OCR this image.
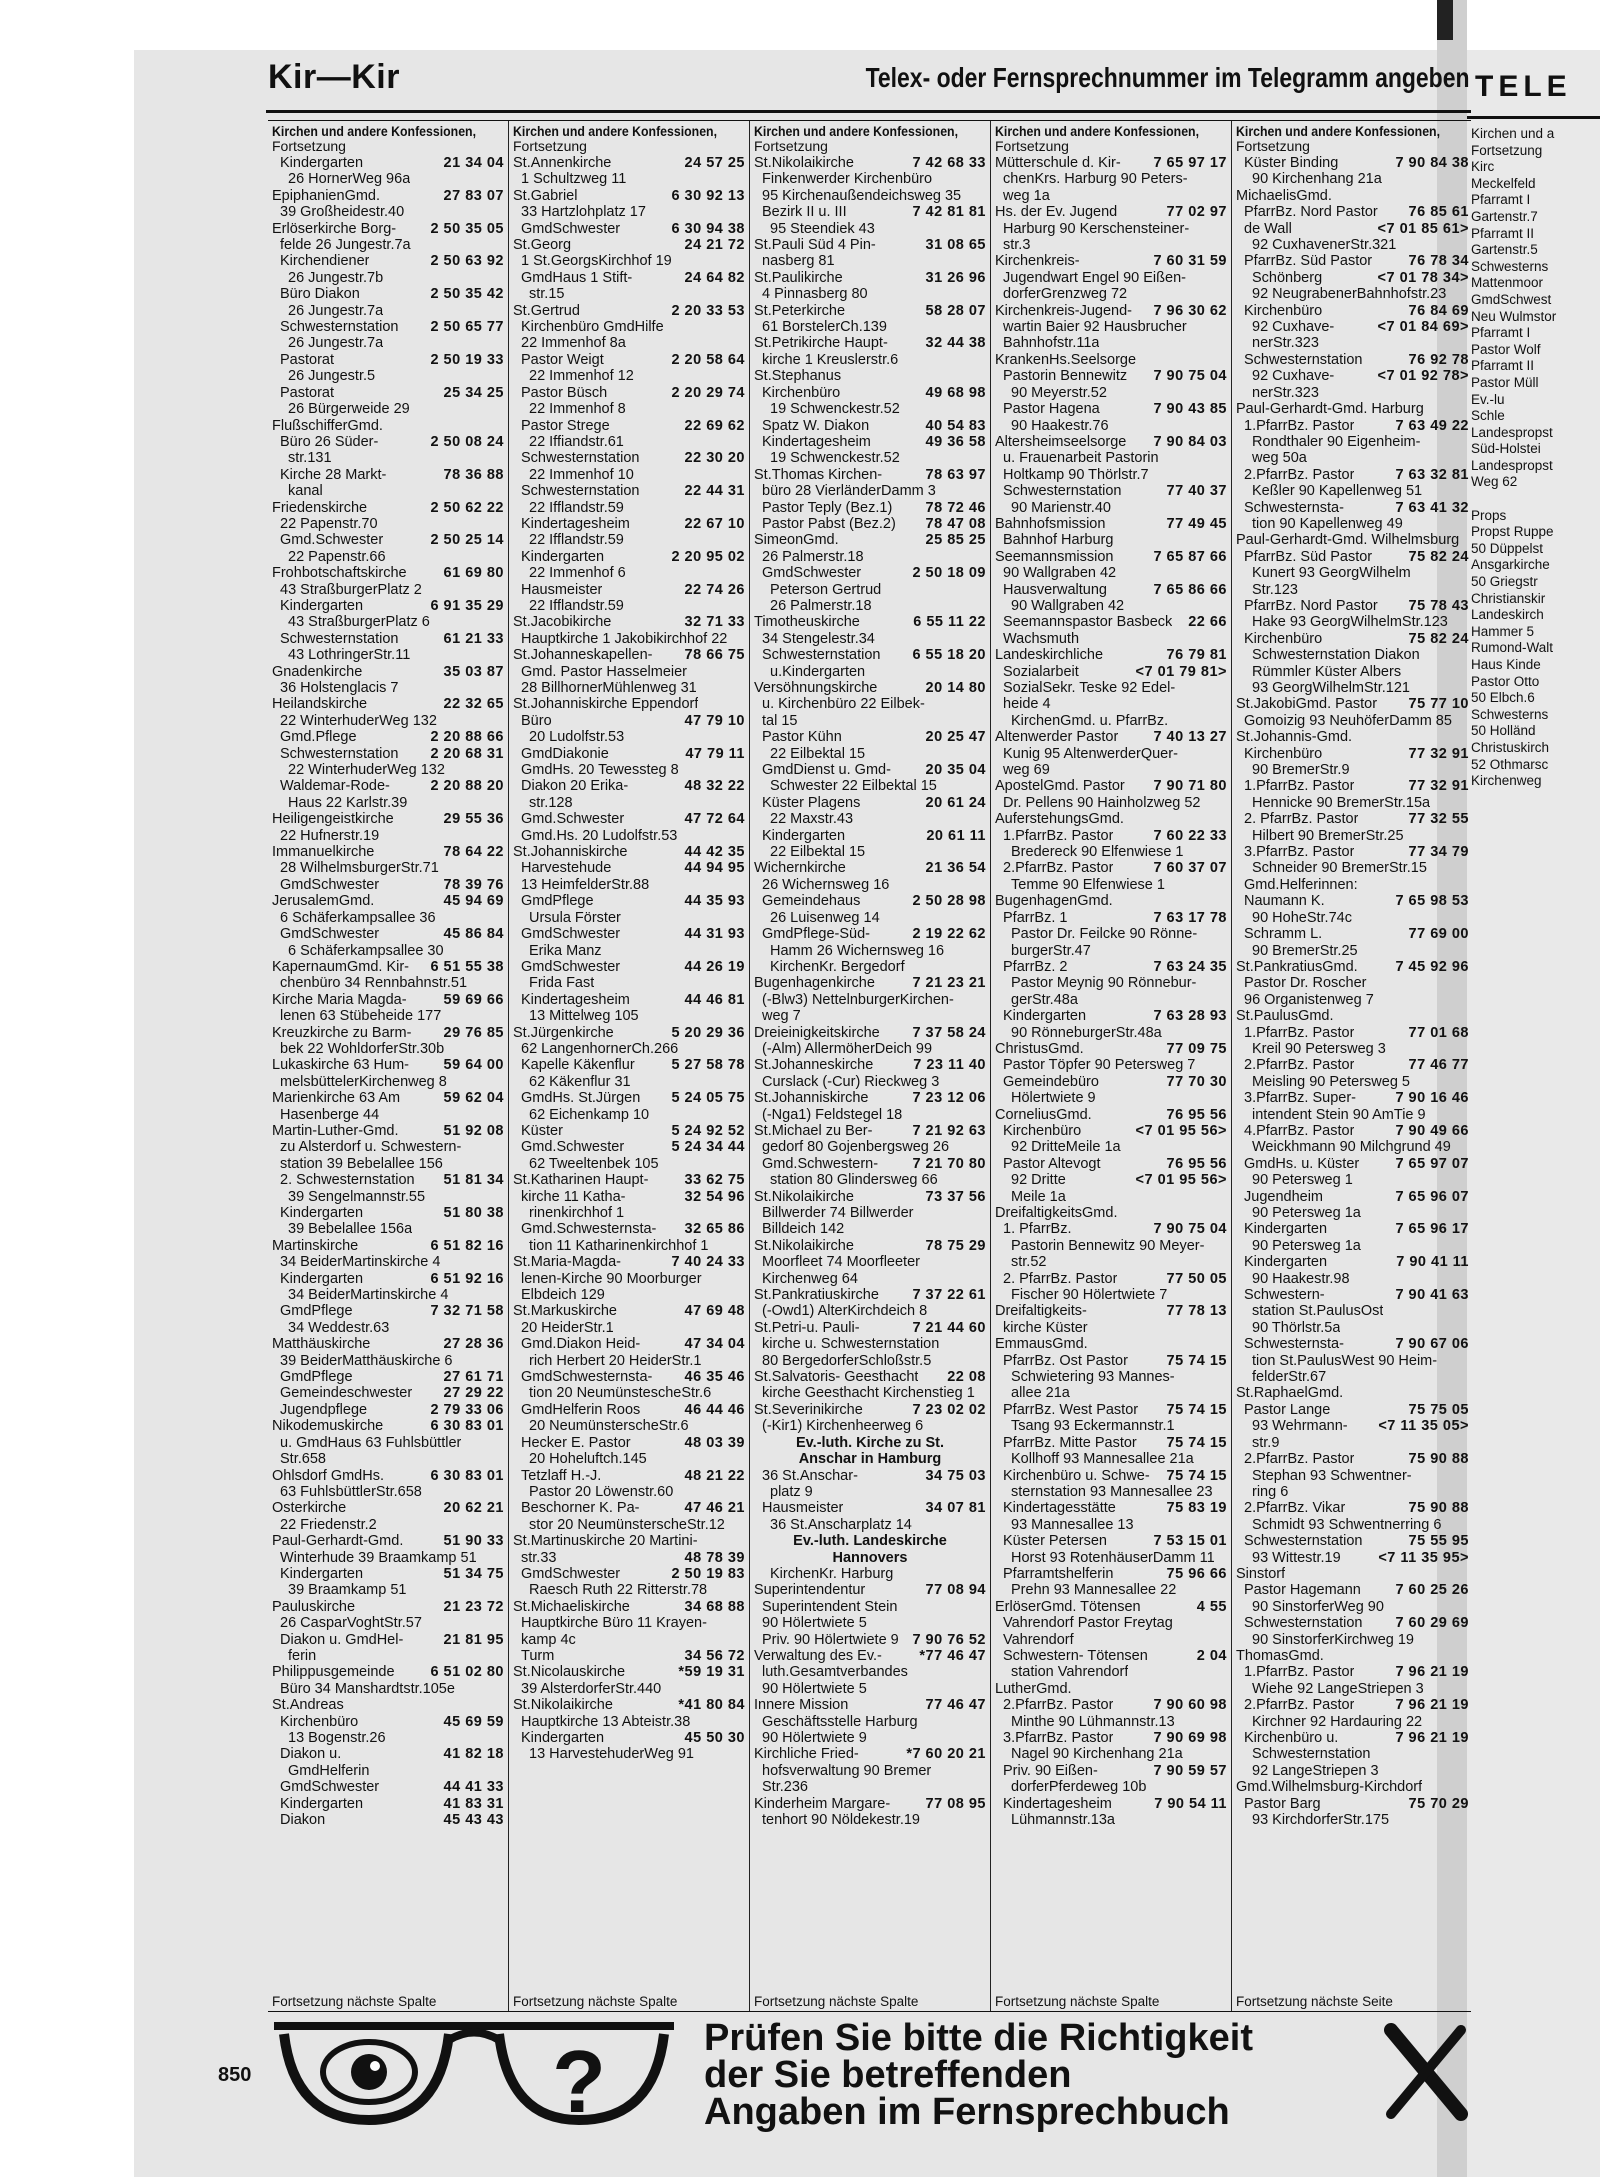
TELE
Kirchen und a
Fortsetzung
Kirc
Meckelfeld
Pfarramt I
Gartenstr.7
Pfarramt II
Gartenstr.5
Schwesterns
Mattenmoor
GmdSchwest
Neu Wulmstor
Pfarramt I
Pastor Wolf
Pfarramt II
Pastor Müll
Ev.-lu
Schle
Landespropst
Süd-Holstei
Landespropst
Weg 62

Props
Propst Ruppe
50 Düppelst
Ansgarkirche
50 Griegstr
Christianskir
Landeskirch
Hammer 5
Rumond-Walt
Haus Kinde
Pastor Otto
50 Elbch.6
Schwesterns
50 Holländ
Christuskirch
52 Othmarsc
Kirchenweg
Kir—Kir	Telex- oder Fernsprechnummer im Telegramm angeben
Kirchen und andere Konfessionen,
Fortsetzung
Kindergarten	21 34 04
26 HornerWeg 96a
EpiphanienGmd.	27 83 07
39 Großheidestr.40
Erlöserkirche Borg- 2 50 35 05
felde 26 Jungestr.7a
Kirchendiener	2 50 63 92
26 Jungestr.7b
Büro Diakon	2 50 35 42
26 Jungestr.7a
Schwesternstation 2 50 65 77
26 Jungestr.7a
Pastorat	2 50 19 33
26 Jungestr.5
Pastorat	25 34 25
26 Bürgerweide 29
FlußschifferGmd.
Büro 26 Süder-	2 50 08 24
str.131
Kirche 28 Markt-	78 36 88
kanal
Friedenskirche	2 50 62 22
22 Papenstr.70
Gmd.Schwester	2 50 25 14
22 Papenstr.66
Frohbotschaftskirche	61 69 80
43 StraßburgerPlatz 2
Kindergarten	6 91 35 29
43 StraßburgerPlatz 6
Schwesternstation	61 21 33
43 LothringerStr.11
Gnadenkirche	35 03 87
36 Holstenglacis 7
Heilandskirche	22 32 65
22 WinterhuderWeg 132
Gmd.Pflege	2 20 88 66
Schwesternstation 2 20 68 31
22 WinterhuderWeg 132
Waldemar-Rode-	2 20 88 20
Haus 22 Karlstr.39
Heiligengeistkirche	29 55 36
22 Hufnerstr.19
Immanuelkirche	78 64 22
28 WilhelmsburgerStr.71
GmdSchwester	78 39 76
JerusalemGmd.	45 94 69
6 Schäferkampsallee 36
GmdSchwester	45 86 84
6 Schäferkampsallee 30
KapernaumGmd. Kir- 6 51 55 38
chenbüro 34 Rennbahnstr.51
Kirche Maria Magda-	59 69 66
lenen 63 Stübeheide 177
Kreuzkirche zu Barm- 29 76 85
bek 22 WohldorferStr.30b
Lukaskirche 63 Hum- 59 64 00
melsbüttelerKirchenweg 8
Marienkirche 63 Am	59 62 04
Hasenberge 44
Martin-Luther-Gmd.	51 92 08
zu Alsterdorf u. Schwestern-
station 39 Bebelallee 156
2. Schwesternstation 51 81 34
39 Sengelmannstr.55
Kindergarten	51 80 38
39 Bebelallee 156a
Martinskirche	6 51 82 16
34 BeiderMartinskirche 4
Kindergarten	6 51 92 16
34 BeiderMartinskirche 4
GmdPflege	7 32 71 58
34 Weddestr.63
Matthäuskirche	27 28 36
39 BeiderMatthäuskirche 6
GmdPflege	27 61 71
Gemeindeschwester 27 29 22
Jugendpflege	2 79 33 06
Nikodemuskirche	6 30 83 01
u. GmdHaus 63 Fuhlsbüttler
Str.658
Ohlsdorf GmdHs.	6 30 83 01
63 FuhlsbüttlerStr.658
Osterkirche	20 62 21
22 Friedenstr.2
Paul-Gerhardt-Gmd.	51 90 33
Winterhude 39 Braamkamp 51
Kindergarten	51 34 75
39 Braamkamp 51
Pauluskirche	21 23 72
26 CasparVoghtStr.57
Diakon u. GmdHel-	21 81 95
ferin
Philippusgemeinde 6 51 02 80
Büro 34 Manshardtstr.105e
St.Andreas
Kirchenbüro	45 69 59
13 Bogenstr.26
Diakon u.	41 82 18
GmdHelferin
GmdSchwester	44 41 33
Kindergarten	41 83 31
Diakon	45 43 43
Fortsetzung nächste Spalte
Kirchen und andere Konfessionen,
Fortsetzung
St.Annenkirche	24 57 25
1 Schultzweg 11
St.Gabriel	6 30 92 13
33 Hartzlohplatz 17
GmdSchwester	6 30 94 38
St.Georg	24 21 72
1 St.GeorgsKirchhof 19
GmdHaus 1 Stift-	24 64 82
str.15
St.Gertrud	2 20 33 53
Kirchenbüro GmdHilfe
22 Immenhof 8a
Pastor Weigt	2 20 58 64
22 Immenhof 12
Pastor Büsch	2 20 29 74
22 Immenhof 8
Pastor Strege	22 69 62
22 Iffiandstr.61
Schwesternstation	22 30 20
22 Immenhof 10
Schwesternstation	22 44 31
22 Ifflandstr.59
Kindertagesheim	22 67 10
22 Ifflandstr.59
Kindergarten	2 20 95 02
22 Immenhof 6
Hausmeister	22 74 26
22 Ifflandstr.59
St.Jacobikirche	32 71 33
Hauptkirche 1 Jakobikirchhof 22
St.Johanneskapellen- 78 66 75
Gmd. Pastor Hasselmeier
28 BillhornerMühlenweg 31
St.Johanniskirche Eppendorf
Büro	47 79 10
20 Ludolfstr.53
GmdDiakonie	47 79 11
GmdHs. 20 Tewessteg 8
Diakon 20 Erika-	48 32 22
str.128
Gmd.Schwester	47 72 64
Gmd.Hs. 20 Ludolfstr.53
St.Johanniskirche	44 42 35
Harvestehude	44 94 95
13 HeimfelderStr.88
GmdPflege	44 35 93
Ursula Förster
GmdSchwester	44 31 93
Erika Manz
GmdSchwester	44 26 19
Frida Fast
Kindertagesheim	44 46 81
13 Mittelweg 105
St.Jürgenkirche	5 20 29 36
62 LangenhornerCh.266
Kapelle Käkenflur	5 27 58 78
62 Käkenflur 31
GmdHs. St.Jürgen 5 24 05 75
62 Eichenkamp 10
Küster	5 24 92 52
Gmd.Schwester	5 24 34 44
62 Tweeltenbek 105
St.Katharinen Haupt- 33 62 75
kirche 11 Katha-	32 54 96
rinenkirchhof 1
Gmd.Schwesternsta- 32 65 86
tion 11 Katharinenkirchhof 1
St.Maria-Magda-	7 40 24 33
lenen-Kirche 90 Moorburger
Elbdeich 129
St.Markuskirche	47 69 48
20 HeiderStr.1
Gmd.Diakon Heid-	47 34 04
rich Herbert 20 HeiderStr.1
GmdSchwesternsta- 46 35 46
tion 20 NeumünstescheStr.6
GmdHelferin Roos	46 44 46
20 NeumünsterscheStr.6
Hecker E. Pastor	48 03 39
20 Hoheluftch.145
Tetzlaff H.-J.	48 21 22
Pastor 20 Löwenstr.60
Beschorner K. Pa-	47 46 21
stor 20 NeumünstersсheStr.12
St.Martinuskirche 20 Martini-
str.33	48 78 39
GmdSchwester	2 50 19 83
Raesch Ruth 22 Ritterstr.78
St.Michaeliskirche	34 68 88
Hauptkirche Büro 11 Krayen-
kamp 4c
Turm	34 56 72
St.Nicolauskirche	*59 19 31
39 AlsterdorferStr.440
St.Nikolaikirche	*41 80 84
Hauptkirche 13 Abteistr.38
Kindergarten	45 50 30
13 HarvestehuderWeg 91
Fortsetzung nächste Spalte
Kirchen und andere Konfessionen,
Fortsetzung
St.Nikolaikirche	7 42 68 33
Finkenwerder Kirchenbüro
95 Kirchenaußendeichsweg 35
Bezirk II u. III	7 42 81 81
95 Steendiek 43
St.Pauli Süd 4 Pin-	31 08 65
nasberg 81
St.Paulikirche	31 26 96
4 Pinnasberg 80
St.Peterkirche	58 28 07
61 BorstelerCh.139
St.Petrikirche Haupt-	32 44 38
kirche 1 Kreuslerstr.6
St.Stephanus
Kirchenbüro	49 68 98
19 Schwenckestr.52
Spatz W. Diakon	40 54 83
Kindertagesheim	49 36 58
19 Schwenckestr.52
St.Thomas Kirchen-	78 63 97
büro 28 VierländerDamm 3
Pastor Teply (Bez.1) 78 72 46
Pastor Pabst (Bez.2) 78 47 08
SimeonGmd.	25 85 25
26 Palmerstr.18
GmdSchwester	2 50 18 09
Peterson Gertrud
26 Palmerstr.18
Timotheuskirche	6 55 11 22
34 Stengelestr.34
Schwesternstation 6 55 18 20
u.Kindergarten
Versöhnungskirche	20 14 80
u. Kirchenbüro 22 Eilbek-
tal 15
Pastor Kühn	20 25 47
22 Eilbektal 15
GmdDienst u. Gmd- 20 35 04
Schwester 22 Eilbektal 15
Küster Plagens	20 61 24
22 Maxstr.43
Kindergarten	20 61 11
22 Eilbektal 15
Wichernkirche	21 36 54
26 Wichernsweg 16
Gemeindehaus	2 50 28 98
26 Luisenweg 14
GmdPflege-Süd-	2 19 22 62
Hamm 26 Wichernsweg 16
KirchenKr. Bergedorf
Bugenhagenkirche	7 21 23 21
(-Blw3) NettelnburgerKirchen-
weg 7
Dreieinigkeitskirche 7 37 58 24
(-Alm) AllermöherDeich 99
St.Johanneskirche	7 23 11 40
Curslack (-Cur) Rieckweg 3
St.Johanniskirche	7 23 12 06
(-Nga1) Feldstegel 18
St.Michael zu Ber-	7 21 92 63
gedorf 80 Gojenbergsweg 26
Gmd.Schwestern- 7 21 70 80
station 80 Glindersweg 66
St.Nikolaikirche	73 37 56
Billwerder 74 Billwerder
Billdeich 142
St.Nikolaikirche	78 75 29
Moorfleet 74 Moorfleeter
Kirchenweg 64
St.Pankratiuskirche 7 37 22 61
(-Owd1) AlterKirchdeich 8
St.Petri-u. Pauli-	7 21 44 60
kirche u. Schwesternstation
80 BergedorferSchloßstr.5
St.Salvatoris- Geesthacht 22 08
kirche Geesthacht Kirchenstieg 1
St.Severinikirche	7 23 02 02
(-Kir1) Kirchenheerweg 6
Ev.-luth. Kirche zu St.
Anschar in Hamburg
36 St.Anschar-	34 75 03
platz 9
Hausmeister	34 07 81
36 St.Anscharplatz 14
Ev.-luth. Landeskirche
Hannovers
KirchenKr. Harburg
Superintendentur	77 08 94
Superintendent Stein
90 Hölertwiete 5
Priv. 90 Hölertwiete 9 7 90 76 52
Verwaltung des Ev.-	*77 46 47
luth.Gesamtverbandes
90 Hölertwiete 5
Innere Mission	77 46 47
Geschäftsstelle Harburg
90 Hölertwiete 9
Kirchliche Fried-	*7 60 20 21
hofsverwaltung 90 Bremer
Str.236
Kinderheim Margare- 77 08 95
tenhort 90 Nöldekestr.19
Fortsetzung nächste Spalte
Kirchen und andere Konfessionen,
Fortsetzung
Mütterschule d. Kir- 7 65 97 17
chenKrs. Harburg 90 Peters-
weg 1a
Hs. der Ev. Jugend	77 02 97
Harburg 90 Kerschensteiner-
str.3
Kirchenkreis-	7 60 31 59
Jugendwart Engel 90 Eißen-
dorferGrenzweg 72
Kirchenkreis-Jugend- 7 96 30 62
wartin Baier 92 Hausbrucher
Bahnhofstr.11a
KrankenHs.Seelsorge
Pastorin Bennewitz 7 90 75 04
90 Meyerstr.52
Pastor Hagena	7 90 43 85
90 Haakestr.76
Altersheimseelsorge 7 90 84 03
u. Frauenarbeit Pastorin
Holtkamp 90 Thörlstr.7
Schwesternstation	77 40 37
90 Marienstr.40
Bahnhofsmission	77 49 45
Bahnhof Harburg
Seemannsmission	7 65 87 66
90 Wallgraben 42
Hausverwaltung	7 65 86 66
90 Wallgraben 42
Seemannspastor Basbeck 22 66
Wachsmuth
Landeskirchliche	76 79 81
Sozialarbeit	<7 01 79 81>
SozialSekr. Teske 92 Edel-
heide 4
KirchenGmd. u. PfarrBz.
Altenwerder Pastor 7 40 13 27
Kunig 95 AltenwerderQuer-
weg 69
ApostelGmd. Pastor 7 90 71 80
Dr. Pellens 90 Hainholzweg 52
AuferstehungsGmd.
1.PfarrBz. Pastor	7 60 22 33
Bredereck 90 Elfenwiese 1
2.PfarrBz. Pastor	7 60 37 07
Temme 90 Elfenwiese 1
BugenhagenGmd.
PfarrBz. 1	7 63 17 78
Pastor Dr. Feilcke 90 Rönne-
burgerStr.47
PfarrBz. 2	7 63 24 35
Pastor Meynig 90 Rönnebur-
gerStr.48a
Kindergarten	7 63 28 93
90 RönneburgerStr.48a
ChristusGmd.	77 09 75
Pastor Töpfer 90 Petersweg 7
Gemeindebüro	77 70 30
Hölertwiete 9
CorneliusGmd.	76 95 56
Kirchenbüro	<7 01 95 56>
92 DritteMeile 1a
Pastor Altevogt	76 95 56
92 Dritte	<7 01 95 56>
Meile 1a
DreifaltigkeitsGmd.
1. PfarrBz.	7 90 75 04
Pastorin Bennewitz 90 Meyer-
str.52
2. PfarrBz. Pastor	77 50 05
Fischer 90 Hölertwiete 7
Dreifaltigkeits-	77 78 13
kirche Küster
EmmausGmd.
PfarrBz. Ost Pastor	75 74 15
Schwietering 93 Mannes-
allee 21a
PfarrBz. West Pastor 75 74 15
Tsang 93 Eckermannstr.1
PfarrBz. Mitte Pastor 75 74 15
Kollhoff 93 Mannesallee 21a
Kirchenbüro u. Schwe- 75 74 15
sternstation 93 Mannesallee 23
Kindertagesstätte	75 83 19
93 Mannesallee 13
Küster Petersen	7 53 15 01
Horst 93 RotenhäuserDamm 11
Pfarramtshelferin	75 96 66
Prehn 93 Mannesallee 22
ErlöserGmd. Tötensen	4 55
Vahrendorf Pastor Freytag
Vahrendorf
Schwestern- Tötensen	2 04
station Vahrendorf
LutherGmd.
2.PfarrBz. Pastor	7 90 60 98
Minthe 90 Lühmannstr.13
3.PfarrBz. Pastor	7 90 69 98
Nagel 90 Kirchenhang 21a
Priv. 90 Eißen-	7 90 59 57
dorferPferdeweg 10b
Kindertagesheim	7 90 54 11
Lühmannstr.13a
Fortsetzung nächste Spalte
Kirchen und andere Konfessionen,
Fortsetzung
Küster Binding	7 90 84 38
90 Kirchenhang 21a
MichaelisGmd.
PfarrBz. Nord Pastor 76 85 61
de Wall	<7 01 85 61>
92 CuxhavenerStr.321
PfarrBz. Süd Pastor	76 78 34
Schönberg	<7 01 78 34>
92 NeugrabenerBahnhofstr.23
Kirchenbüro	76 84 69
92 Cuxhave-	<7 01 84 69>
nerStr.323
Schwesternstation	76 92 78
92 Cuxhave-	<7 01 92 78>
nerStr.323
Paul-Gerhardt-Gmd. Harburg
1.PfarrBz. Pastor	7 63 49 22
Rondthaler 90 Eigenheim-
weg 50a
2.PfarrBz. Pastor	7 63 32 81
Keßler 90 Kapellenweg 51
Schwesternsta-	7 63 41 32
tion 90 Kapellenweg 49
Paul-Gerhardt-Gmd. Wilhelmsburg
PfarrBz. Süd Pastor	75 82 24
Kunert 93 GeorgWilhelm
Str.123
PfarrBz. Nord Pastor 75 78 43
Hake 93 GeorgWilhelmStr.123
Kirchenbüro	75 82 24
Schwesternstation Diakon
Rümmler Küster Albers
93 GeorgWilhelmStr.121
St.JakobiGmd. Pastor 75 77 10
Gomoizig 93 NeuhöferDamm 85
St.Johannis-Gmd.
Kirchenbüro	77 32 91
90 BremerStr.9
1.PfarrBz. Pastor	77 32 91
Hennicke 90 BremerStr.15a
2. PfarrBz. Pastor	77 32 55
Hilbert 90 BremerStr.25
3.PfarrBz. Pastor	77 34 79
Schneider 90 BremerStr.15
Gmd.Helferinnen:
Naumann K.	7 65 98 53
90 HoheStr.74c
Schramm L.	77 69 00
90 BremerStr.25
St.PankratiusGmd.	7 45 92 96
Pastor Dr. Roscher
96 Organistenweg 7
St.PaulusGmd.
1.PfarrBz. Pastor	77 01 68
Kreil 90 Petersweg 3
2.PfarrBz. Pastor	77 46 77
Meisling 90 Petersweg 5
3.PfarrBz. Super-	7 90 16 46
intendent Stein 90 AmTie 9
4.PfarrBz. Pastor	7 90 49 66
Weickhmann 90 Milchgrund 49
GmdHs. u. Küster 7 65 97 07
90 Petersweg 1
Jugendheim	7 65 96 07
90 Petersweg 1a
Kindergarten	7 65 96 17
90 Petersweg 1a
Kindergarten	7 90 41 11
90 Haakestr.98
Schwestern-	7 90 41 63
station St.PaulusOst
90 Thörlstr.5a
Schwesternsta-	7 90 67 06
tion St.PaulusWest 90 Heim-
felderStr.67
St.RaphaelGmd.
Pastor Lange	75 75 05
93 Wehrmann- <7 11 35 05>
str.9
2.PfarrBz. Pastor	75 90 88
Stephan 93 Schwentner-
ring 6
2.PfarrBz. Vikar	75 90 88
Schmidt 93 Schwentnerring 6
Schwesternstation	75 55 95
93 Wittestr.19	<7 11 35 95>
Sinstorf
Pastor Hagemann 7 60 25 26
90 SinstorferWeg 90
Schwesternstation 7 60 29 69
90 SinstorferKirchweg 19
ThomasGmd.
1.PfarrBz. Pastor	7 96 21 19
Wiehe 92 LangeStriepen 3
2.PfarrBz. Pastor	7 96 21 19
Kirchner 92 Hardauring 22
Kirchenbüro u.	7 96 21 19
Schwesternstation
92 LangeStriepen 3
Gmd.Wilhelmsburg-Kirchdorf
Pastor Barg	75 70 29
93 KirchdorferStr.175
Fortsetzung nächste Seite
?	Prüfen Sie bitte die Richtigkeit
der Sie betreffenden
Angaben im Fernsprechbuch
850
